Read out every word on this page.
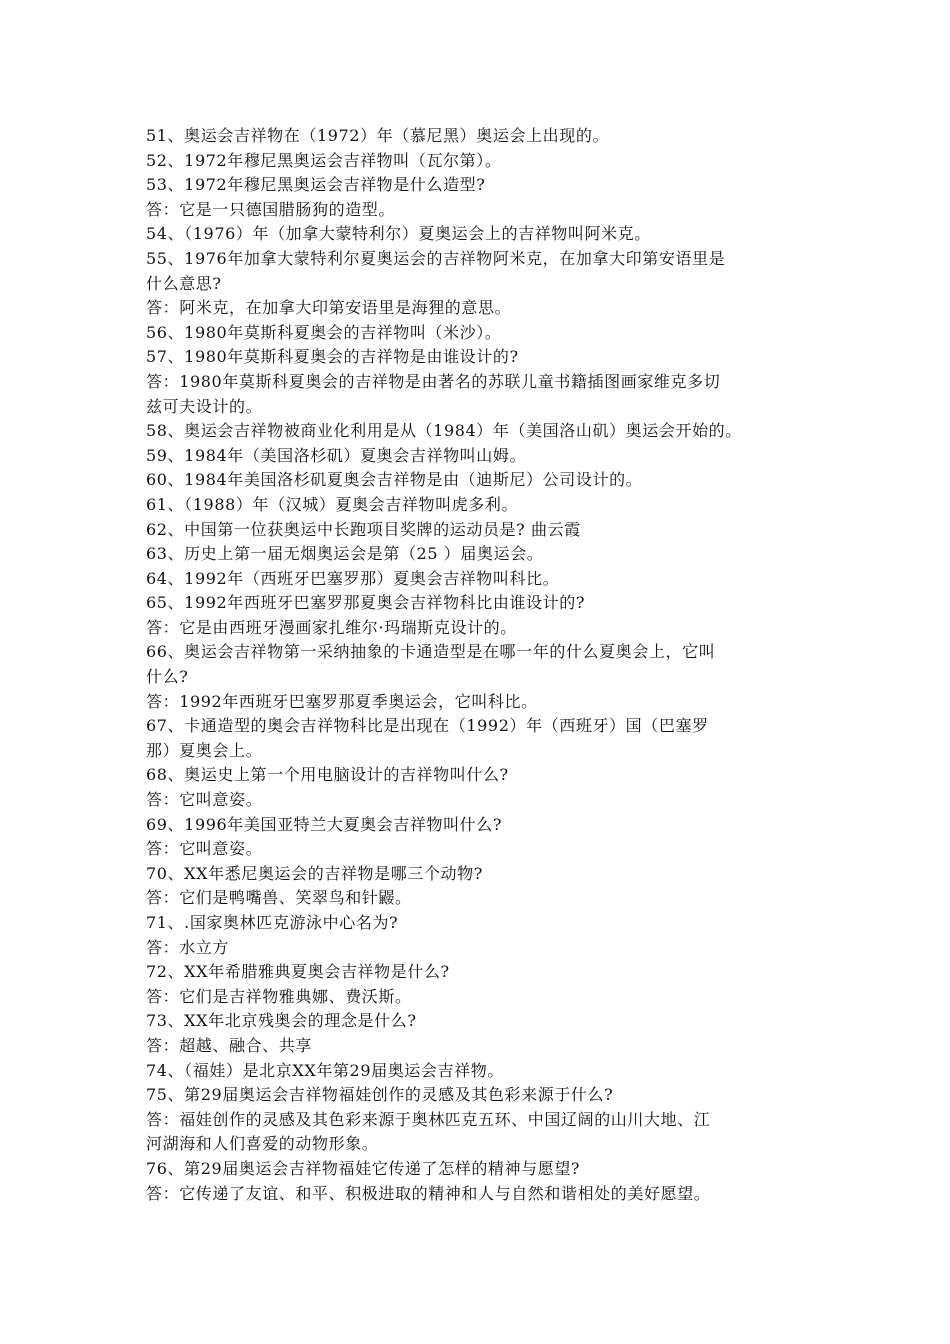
51、奥运会吉祥物在（1972）年（慕尼黑）奥运会上出现的。
52、1972年穆尼黑奥运会吉祥物叫（瓦尔第）。
53、1972年穆尼黑奥运会吉祥物是什么造型?
答：它是一只德国腊肠狗的造型。
54、（1976）年（加拿大蒙特利尔）夏奥运会上的吉祥物叫阿米克。
55、1976年加拿大蒙特利尔夏奥运会的吉祥物阿米克，在加拿大印第安语里是
什么意思?
答：阿米克，在加拿大印第安语里是海狸的意思。
56、1980年莫斯科夏奥会的吉祥物叫（米沙）。
57、1980年莫斯科夏奥会的吉祥物是由谁设计的?
答：1980年莫斯科夏奥会的吉祥物是由著名的苏联儿童书籍插图画家维克多切
兹可夫设计的。
58、奥运会吉祥物被商业化利用是从（1984）年（美国洛山矶）奥运会开始的。
59、1984年（美国洛杉矶）夏奥会吉祥物叫山姆。
60、1984年美国洛杉矶夏奥会吉祥物是由（迪斯尼）公司设计的。
61、（1988）年（汉城）夏奥会吉祥物叫虎多利。
62、中国第一位获奥运中长跑项目奖牌的运动员是? 曲云霞
63、历史上第一届无烟奥运会是第（25 ）届奥运会。
64、1992年（西班牙巴塞罗那）夏奥会吉祥物叫科比。
65、1992年西班牙巴塞罗那夏奥会吉祥物科比由谁设计的?
答：它是由西班牙漫画家扎维尔·玛瑞斯克设计的。
66、奥运会吉祥物第一采纳抽象的卡通造型是在哪一年的什么夏奥会上，它叫
什么?
答：1992年西班牙巴塞罗那夏季奥运会，它叫科比。
67、卡通造型的奥会吉祥物科比是出现在（1992）年（西班牙）国（巴塞罗
那）夏奥会上。
68、奥运史上第一个用电脑设计的吉祥物叫什么?
答：它叫意姿。
69、1996年美国亚特兰大夏奥会吉祥物叫什么?
答：它叫意姿。
70、XX年悉尼奥运会的吉祥物是哪三个动物?
答：它们是鸭嘴兽、笑翠鸟和针鼹。
71、.国家奥林匹克游泳中心名为?
答：水立方
72、XX年希腊雅典夏奥会吉祥物是什么?
答：它们是吉祥物雅典娜、费沃斯。
73、XX年北京残奥会的理念是什么?
答：超越、融合、共享
74、（福娃）是北京XX年第29届奥运会吉祥物。
75、第29届奥运会吉祥物福娃创作的灵感及其色彩来源于什么?
答：福娃创作的灵感及其色彩来源于奥林匹克五环、中国辽阔的山川大地、江
河湖海和人们喜爱的动物形象。
76、第29届奥运会吉祥物福娃它传递了怎样的精神与愿望?
答：它传递了友谊、和平、积极进取的精神和人与自然和谐相处的美好愿望。
